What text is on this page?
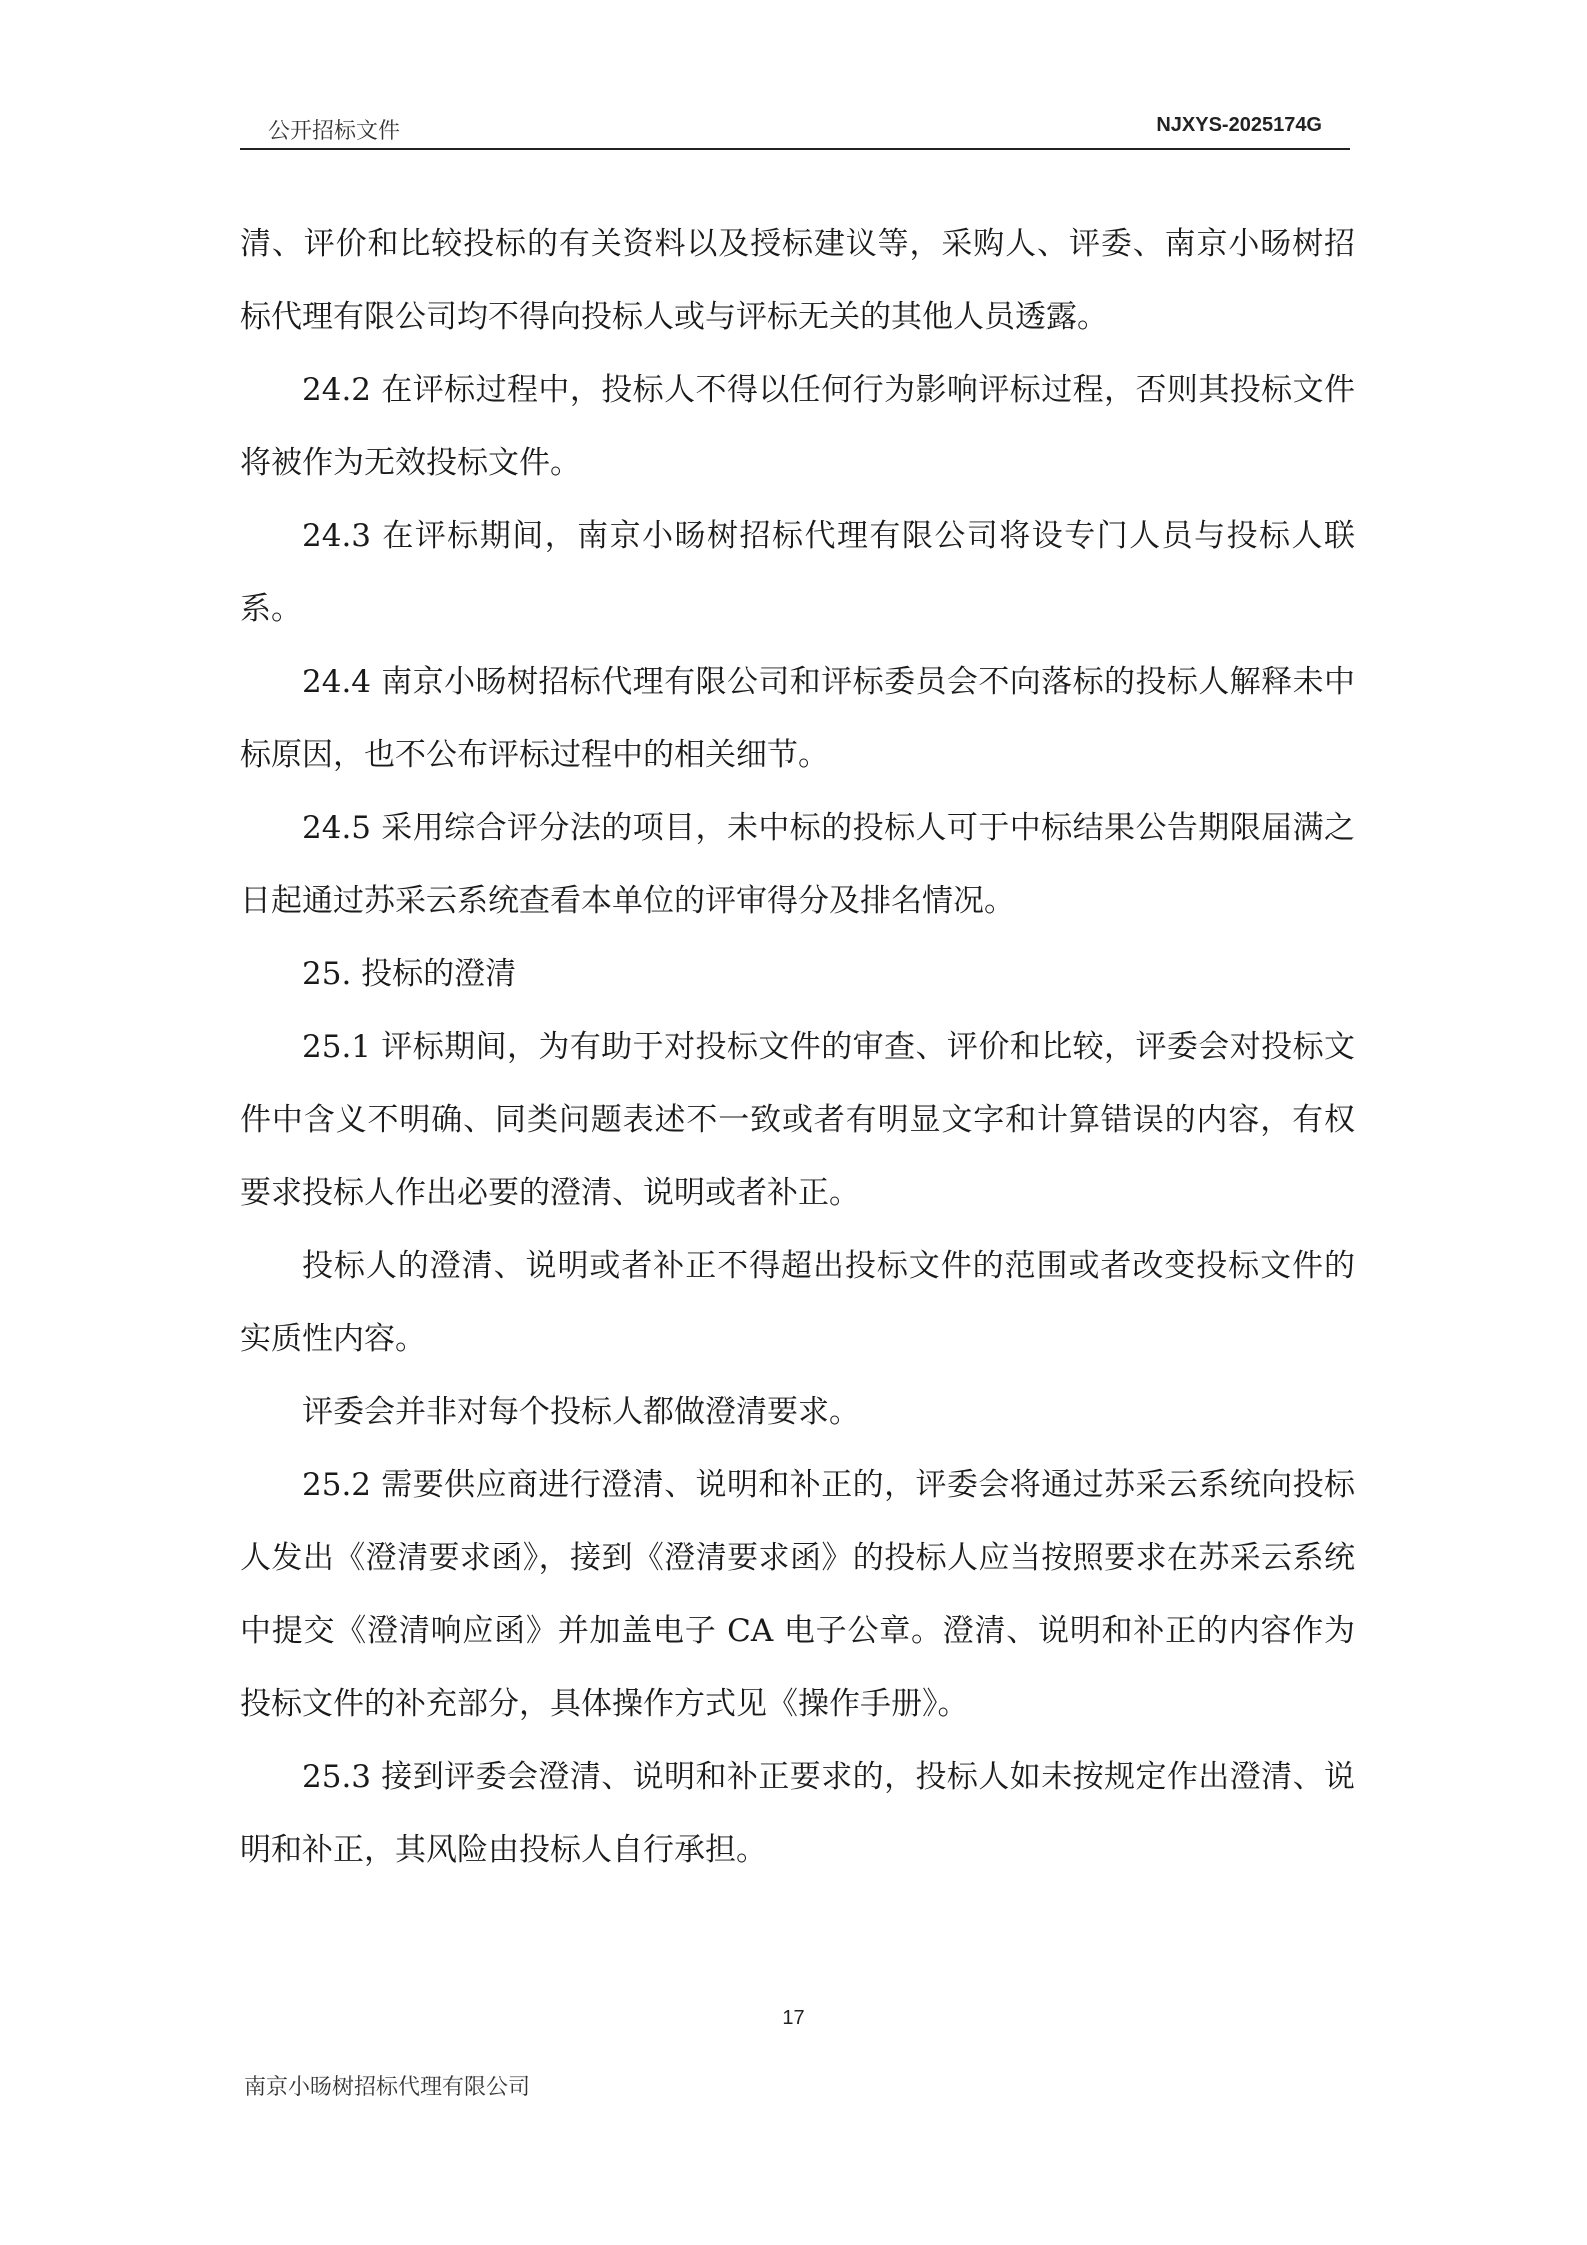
公开招标文件	NJXYS-2025174G

清、评价和比较投标的有关资料以及授标建议等，采购人、评委、南京小旸树招标代理有限公司均不得向投标人或与评标无关的其他人员透露。

24.2 在评标过程中，投标人不得以任何行为影响评标过程，否则其投标文件将被作为无效投标文件。

24.3 在评标期间，南京小旸树招标代理有限公司将设专门人员与投标人联系。

24.4 南京小旸树招标代理有限公司和评标委员会不向落标的投标人解释未中标原因，也不公布评标过程中的相关细节。

24.5 采用综合评分法的项目，未中标的投标人可于中标结果公告期限届满之日起通过苏采云系统查看本单位的评审得分及排名情况。

25. 投标的澄清

25.1 评标期间，为有助于对投标文件的审查、评价和比较，评委会对投标文件中含义不明确、同类问题表述不一致或者有明显文字和计算错误的内容，有权要求投标人作出必要的澄清、说明或者补正。

投标人的澄清、说明或者补正不得超出投标文件的范围或者改变投标文件的实质性内容。

评委会并非对每个投标人都做澄清要求。

25.2 需要供应商进行澄清、说明和补正的，评委会将通过苏采云系统向投标人发出《澄清要求函》，接到《澄清要求函》的投标人应当按照要求在苏采云系统中提交《澄清响应函》并加盖电子 CA 电子公章。澄清、说明和补正的内容作为投标文件的补充部分，具体操作方式见《操作手册》。

25.3 接到评委会澄清、说明和补正要求的，投标人如未按规定作出澄清、说明和补正，其风险由投标人自行承担。

17
南京小旸树招标代理有限公司
